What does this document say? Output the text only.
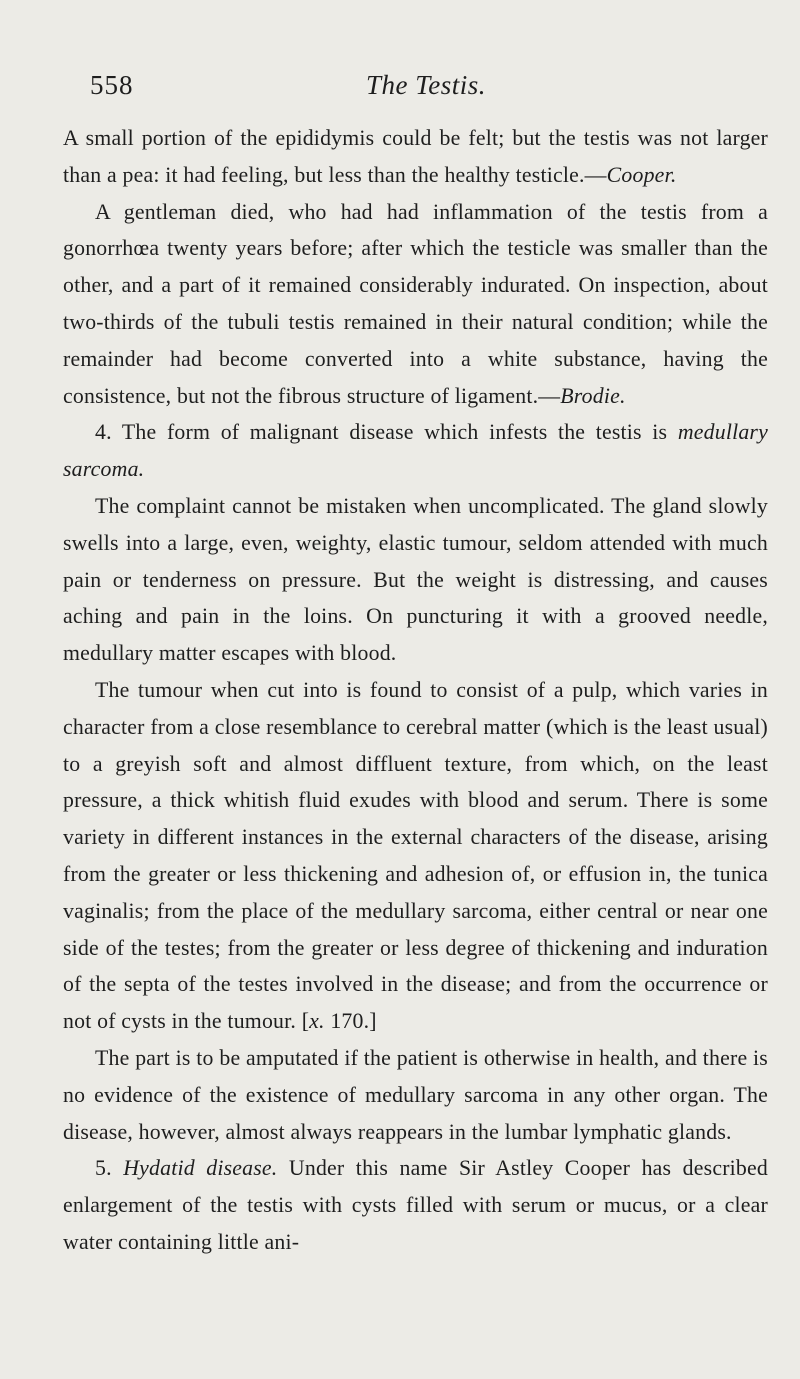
558	The Testis.

A small portion of the epididymis could be felt; but the testis was not larger than a pea: it had feeling, but less than the healthy testicle.—Cooper.

A gentleman died, who had had inflammation of the testis from a gonorrhœa twenty years before; after which the testicle was smaller than the other, and a part of it remained considerably indurated. On inspection, about two-thirds of the tubuli testis remained in their natural condition; while the remainder had become converted into a white substance, having the consistence, but not the fibrous structure of ligament.—Brodie.

4. The form of malignant disease which infests the testis is medullary sarcoma.

The complaint cannot be mistaken when uncomplicated. The gland slowly swells into a large, even, weighty, elastic tumour, seldom attended with much pain or tenderness on pressure. But the weight is distressing, and causes aching and pain in the loins. On puncturing it with a grooved needle, medullary matter escapes with blood.

The tumour when cut into is found to consist of a pulp, which varies in character from a close resemblance to cerebral matter (which is the least usual) to a greyish soft and almost diffluent texture, from which, on the least pressure, a thick whitish fluid exudes with blood and serum. There is some variety in different instances in the external characters of the disease, arising from the greater or less thickening and adhesion of, or effusion in, the tunica vaginalis; from the place of the medullary sarcoma, either central or near one side of the testes; from the greater or less degree of thickening and induration of the septa of the testes involved in the disease; and from the occurrence or not of cysts in the tumour. [x. 170.]

The part is to be amputated if the patient is otherwise in health, and there is no evidence of the existence of medullary sarcoma in any other organ. The disease, however, almost always reappears in the lumbar lymphatic glands.

5. Hydatid disease. Under this name Sir Astley Cooper has described enlargement of the testis with cysts filled with serum or mucus, or a clear water containing little ani-
